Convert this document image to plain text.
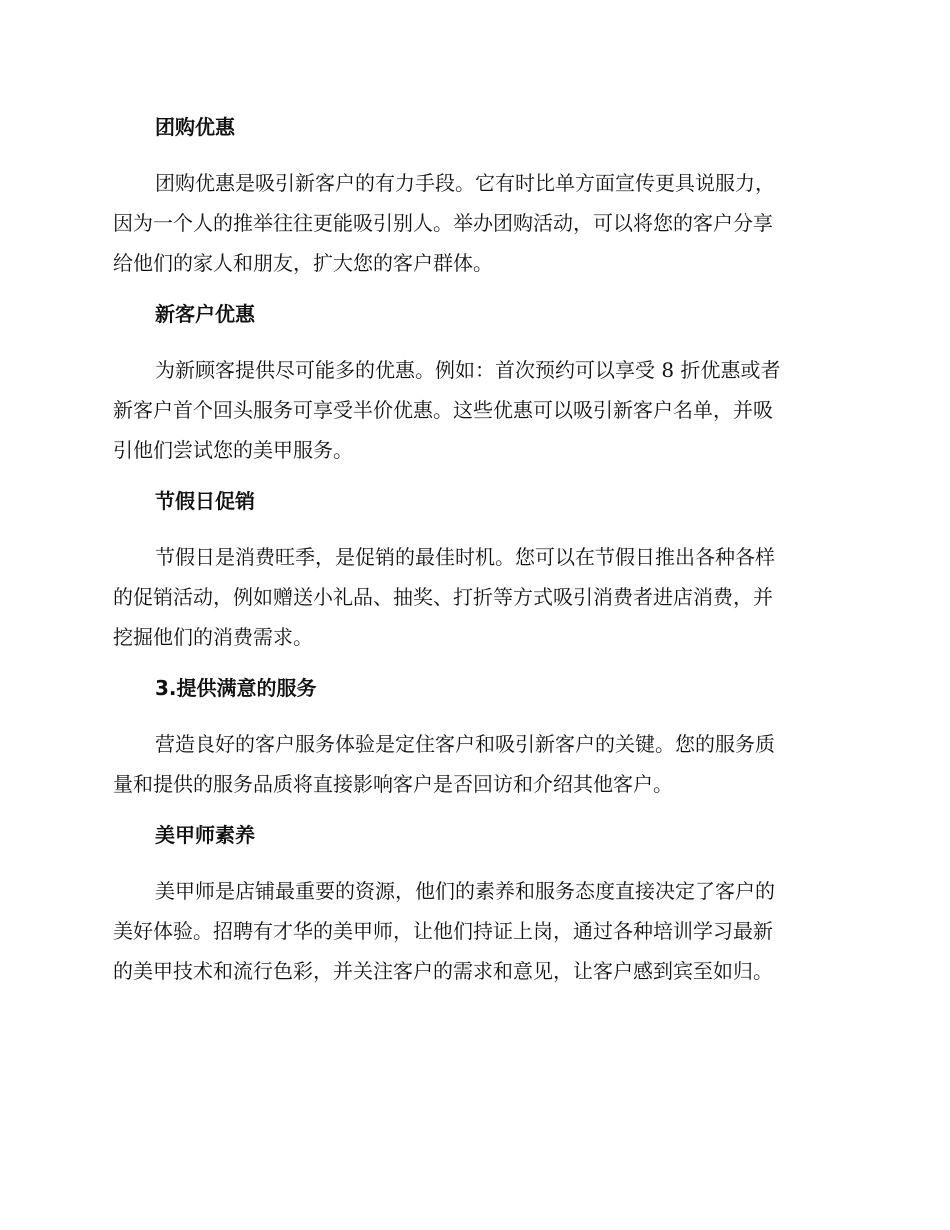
团购优惠

团购优惠是吸引新客户的有力手段。它有时比单方面宣传更具说服力，
因为一个人的推举往往更能吸引别人。举办团购活动，可以将您的客户分享
给他们的家人和朋友，扩大您的客户群体。

新客户优惠

为新顾客提供尽可能多的优惠。例如：首次预约可以享受 8 折优惠或者
新客户首个回头服务可享受半价优惠。这些优惠可以吸引新客户名单，并吸
引他们尝试您的美甲服务。

节假日促销

节假日是消费旺季，是促销的最佳时机。您可以在节假日推出各种各样
的促销活动，例如赠送小礼品、抽奖、打折等方式吸引消费者进店消费，并
挖掘他们的消费需求。

3.提供满意的服务

营造良好的客户服务体验是定住客户和吸引新客户的关键。您的服务质
量和提供的服务品质将直接影响客户是否回访和介绍其他客户。

美甲师素养

美甲师是店铺最重要的资源，他们的素养和服务态度直接决定了客户的
美好体验。招聘有才华的美甲师，让他们持证上岗，通过各种培训学习最新
的美甲技术和流行色彩，并关注客户的需求和意见，让客户感到宾至如归。
